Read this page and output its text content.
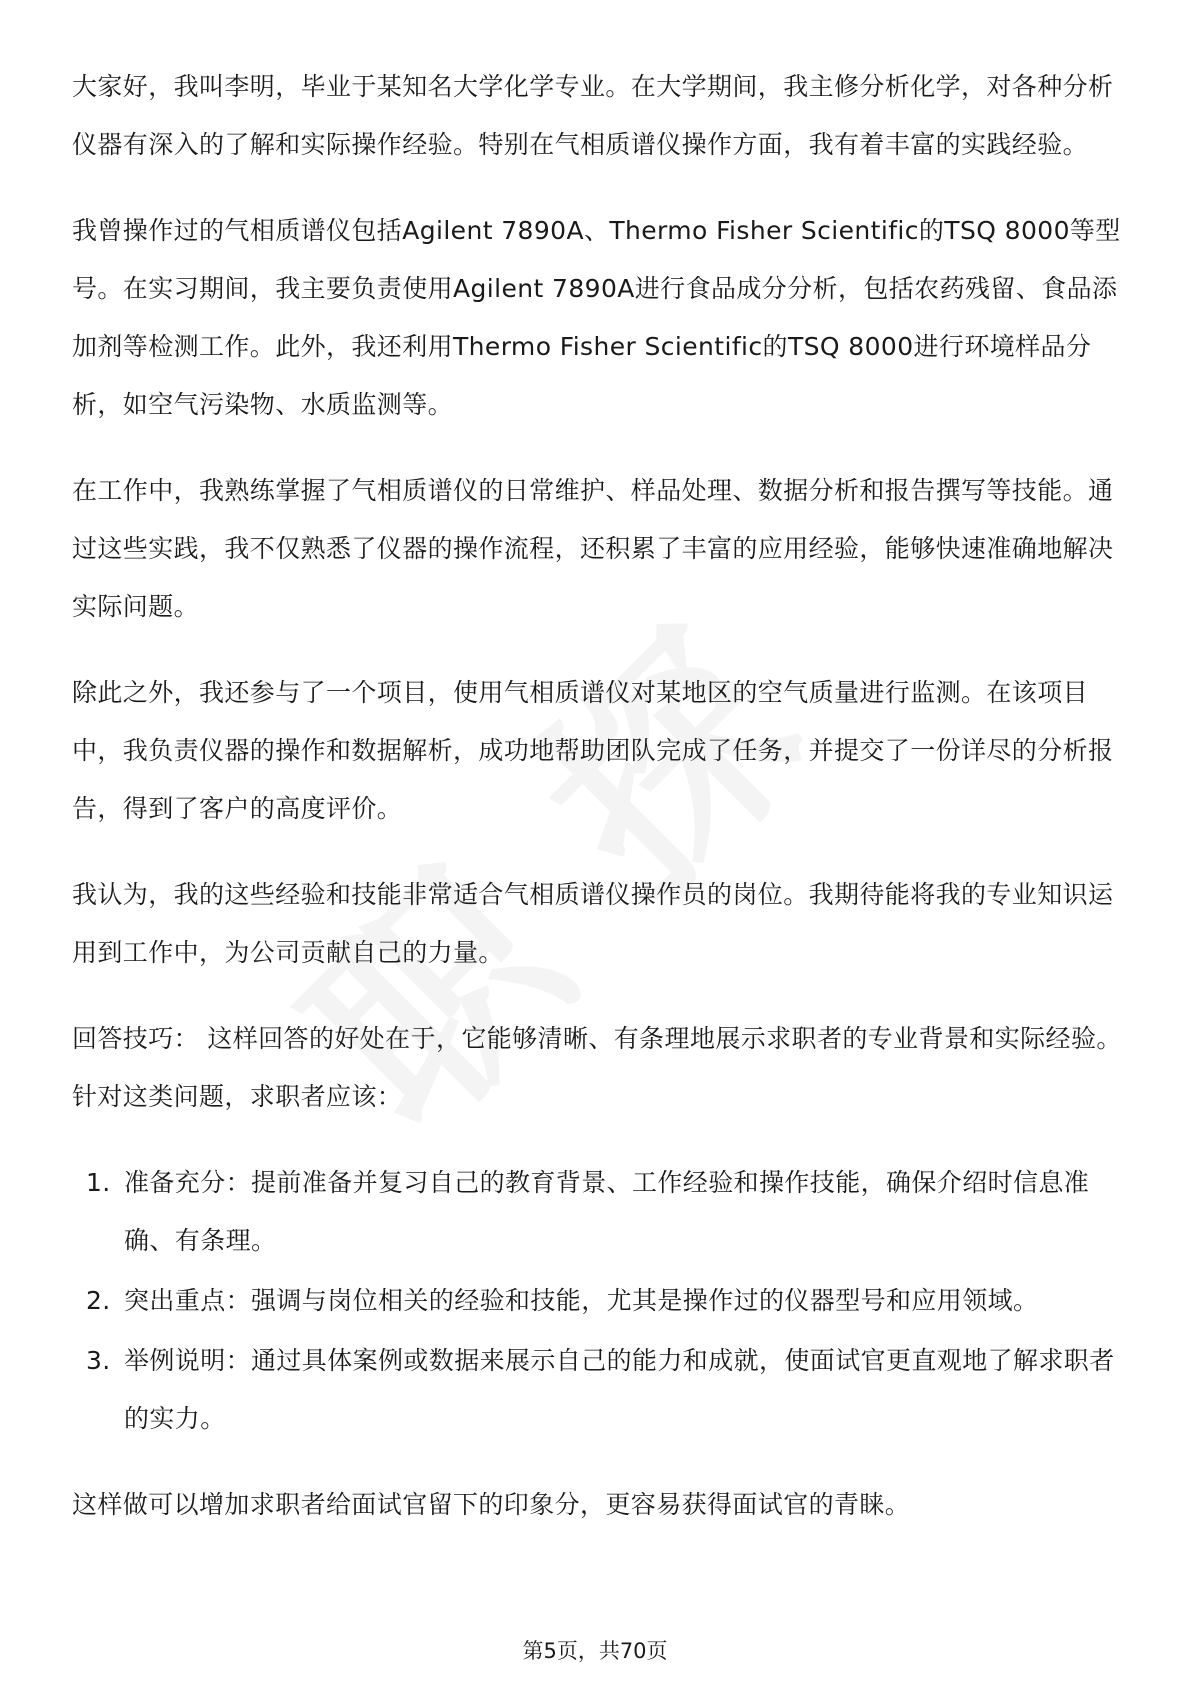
大家好，我叫李明，毕业于某知名大学化学专业。在大学期间，我主修分析化学，对各种分析仪器有深入的了解和实际操作经验。特别在气相质谱仪操作方面，我有着丰富的实践经验。

我曾操作过的气相质谱仪包括Agilent 7890A、Thermo Fisher Scientific的TSQ 8000等型号。在实习期间，我主要负责使用Agilent 7890A进行食品成分分析，包括农药残留、食品添加剂等检测工作。此外，我还利用Thermo Fisher Scientific的TSQ 8000进行环境样品分析，如空气污染物、水质监测等。

在工作中，我熟练掌握了气相质谱仪的日常维护、样品处理、数据分析和报告撰写等技能。通过这些实践，我不仅熟悉了仪器的操作流程，还积累了丰富的应用经验，能够快速准确地解决实际问题。

除此之外，我还参与了一个项目，使用气相质谱仪对某地区的空气质量进行监测。在该项目中，我负责仪器的操作和数据解析，成功地帮助团队完成了任务，并提交了一份详尽的分析报告，得到了客户的高度评价。

我认为，我的这些经验和技能非常适合气相质谱仪操作员的岗位。我期待能将我的专业知识运用到工作中，为公司贡献自己的力量。

回答技巧： 这样回答的好处在于，它能够清晰、有条理地展示求职者的专业背景和实际经验。针对这类问题，求职者应该：

1. 准备充分：提前准备并复习自己的教育背景、工作经验和操作技能，确保介绍时信息准确、有条理。
2. 突出重点：强调与岗位相关的经验和技能，尤其是操作过的仪器型号和应用领域。
3. 举例说明：通过具体案例或数据来展示自己的能力和成就，使面试官更直观地了解求职者的实力。

这样做可以增加求职者给面试官留下的印象分，更容易获得面试官的青睐。

第5页，共70页
